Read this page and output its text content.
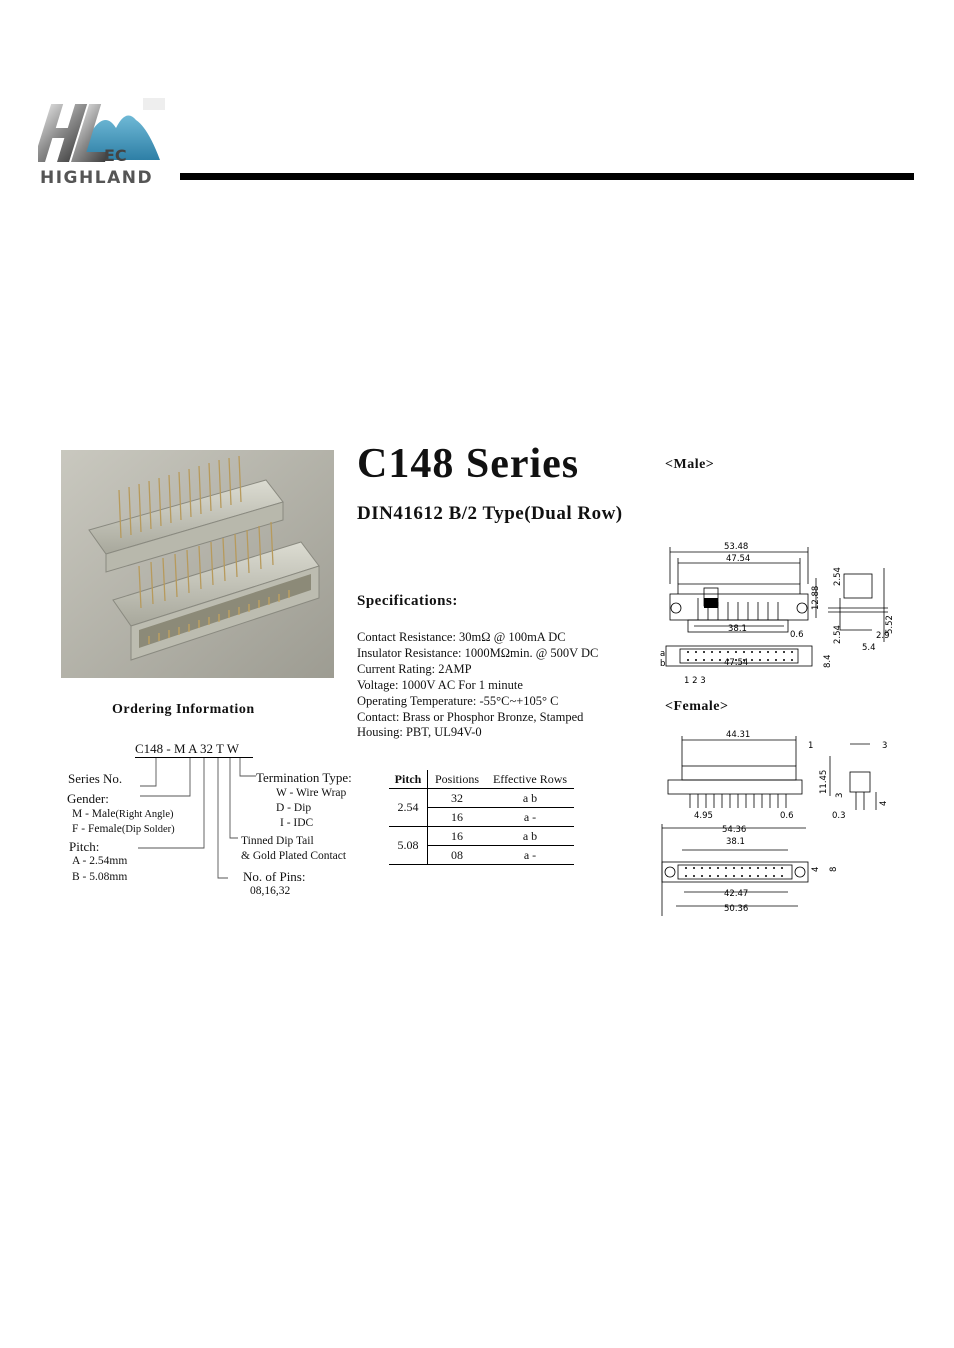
EC
HIGHLAND
C148 Series
DIN41612 B/2 Type(Dual Row)
<Male>
<Female>
Specifications:
Contact Resistance: 30mΩ @ 100mA DC
Insulator Resistance: 1000MΩmin. @ 500V DC
Current Rating: 2AMP
Voltage: 1000V AC For 1 minute
Operating Temperature: -55°C~+105° C
Contact: Brass or Phosphor Bronze, Stamped
Housing: PBT, UL94V-0
53.48
47.54
38.1
12.88
2.54
5.52
2.9
5.4
0.6
47.54	8.4
2.54
a
b
1 2 3
44.31
1	3
11.45
3
4
0.3
4.95	0.6
54.36
38.1
42.47
50.36
4 8
Ordering Information
C148 - M A 32 T W
Series No.
Gender:
M - Male(Right Angle)
F - Female(Dip Solder)
Pitch:
A - 2.54mm
B - 5.08mm
Termination Type:
W - Wire Wrap
D - Dip
I - IDC
Tinned Dip Tail
& Gold Plated Contact
No. of Pins:
08,16,32
Pitch	Positions	Effective Rows
2.54	32	a b
	16	a -
5.08	16	a b
	08	a -
